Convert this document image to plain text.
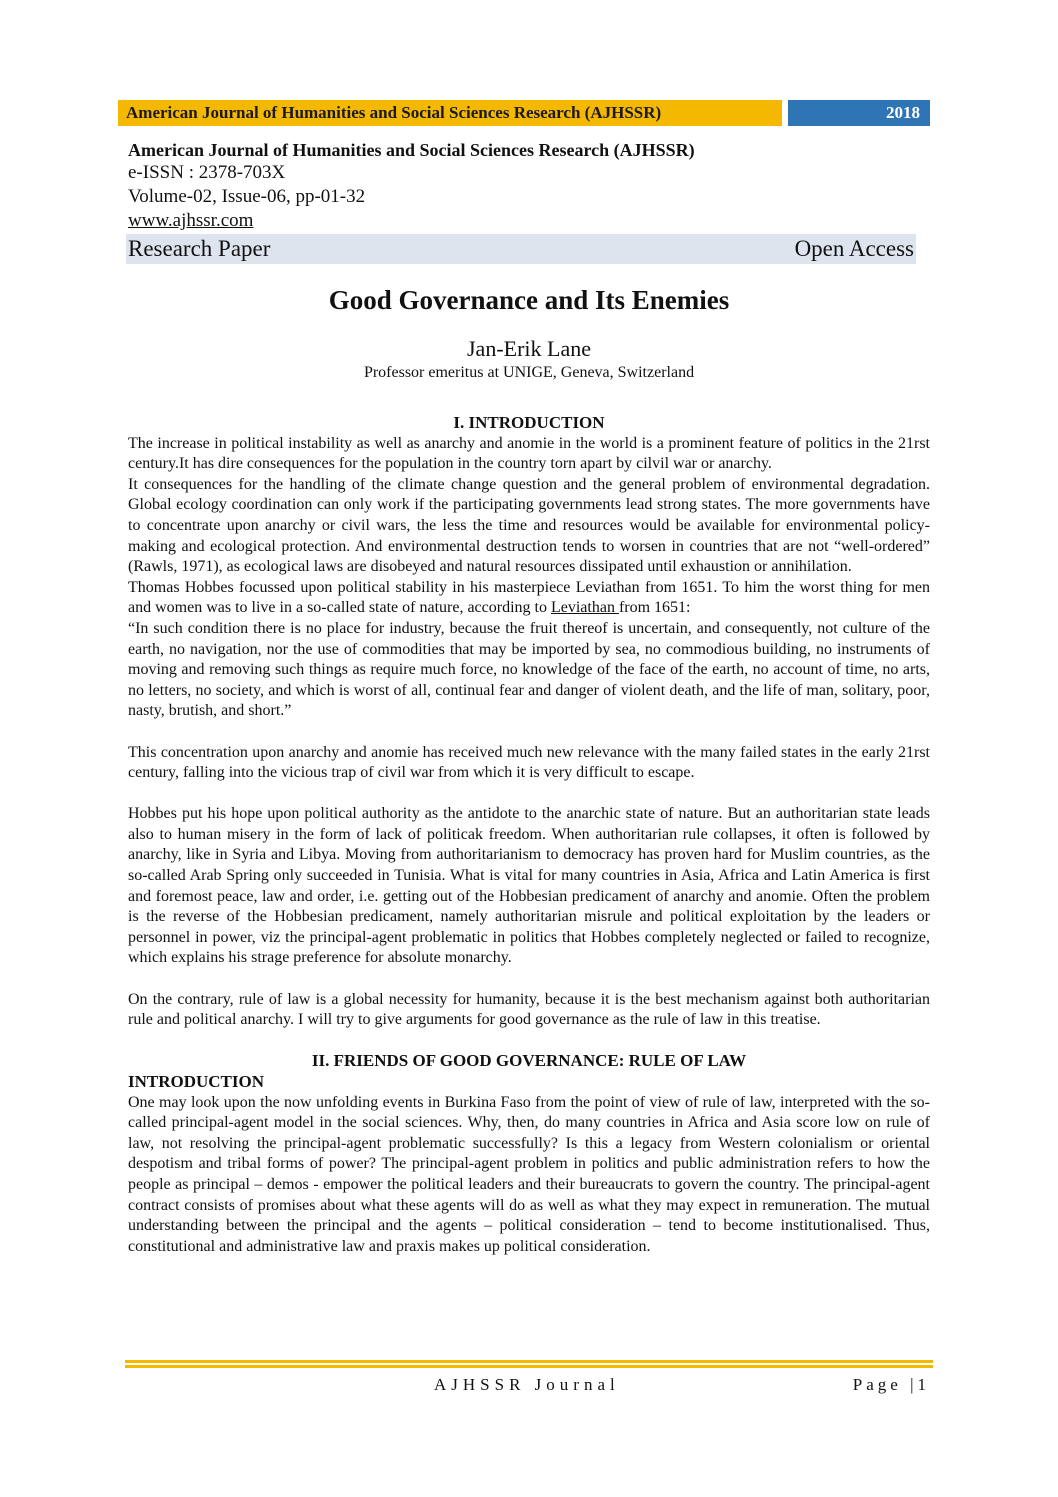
American Journal of Humanities and Social Sciences Research (AJHSSR)	2018

American Journal of Humanities and Social Sciences Research (AJHSSR)

e-ISSN : 2378-703X

Volume-02, Issue-06, pp-01-32

www.ajhssr.com

Research Paper	Open Access
Good Governance and Its Enemies
Jan-Erik Lane
Professor emeritus at UNIGE, Geneva, Switzerland

I. INTRODUCTION

The increase in political instability as well as anarchy and anomie in the world is a prominent feature of politics in the 21rst century.It has dire consequences for the population in the country torn apart by cilvil war or anarchy.

It consequences for the handling of the climate change question and the general problem of environmental degradation. Global ecology coordination can only work if the participating governments lead strong states. The more governments have to concentrate upon anarchy or civil wars, the less the time and resources would be available for environmental policy-making and ecological protection. And environmental destruction tends to worsen in countries that are not “well-ordered” (Rawls, 1971), as ecological laws are disobeyed and natural resources dissipated until exhaustion or annihilation.

Thomas Hobbes focussed upon political stability in his masterpiece Leviathan from 1651. To him the worst thing for men and women was to live in a so-called state of nature, according to Leviathan from 1651:

“In such condition there is no place for industry, because the fruit thereof is uncertain, and consequently, not culture of the earth, no navigation, nor the use of commodities that may be imported by sea, no commodious building, no instruments of moving and removing such things as require much force, no knowledge of the face of the earth, no account of time, no arts, no letters, no society, and which is worst of all, continual fear and danger of violent death, and the life of man, solitary, poor, nasty, brutish, and short.”

This concentration upon anarchy and anomie has received much new relevance with the many failed states in the early 21rst century, falling into the vicious trap of civil war from which it is very difficult to escape.

Hobbes put his hope upon political authority as the antidote to the anarchic state of nature. But an authoritarian state leads also to human misery in the form of lack of politicak freedom. When authoritarian rule collapses, it often is followed by anarchy, like in Syria and Libya. Moving from authoritarianism to democracy has proven hard for Muslim countries, as the so-called Arab Spring only succeeded in Tunisia. What is vital for many countries in Asia, Africa and Latin America is first and foremost peace, law and order, i.e. getting out of the Hobbesian predicament of anarchy and anomie. Often the problem is the reverse of the Hobbesian predicament, namely authoritarian misrule and political exploitation by the leaders or personnel in power, viz the principal-agent problematic in politics that Hobbes completely neglected or failed to recognize, which explains his strage preference for absolute monarchy.

On the contrary, rule of law is a global necessity for humanity, because it is the best mechanism against both authoritarian rule and political anarchy. I will try to give arguments for good governance as the rule of law in this treatise.

II. FRIENDS OF GOOD GOVERNANCE: RULE OF LAW

INTRODUCTION

One may look upon the now unfolding events in Burkina Faso from the point of view of rule of law, interpreted with the so-called principal-agent model in the social sciences. Why, then, do many countries in Africa and Asia score low on rule of law, not resolving the principal-agent problematic successfully? Is this a legacy from Western colonialism or oriental despotism and tribal forms of power? The principal-agent problem in politics and public administration refers to how the people as principal – demos - empower the political leaders and their bureaucrats to govern the country. The principal-agent contract consists of promises about what these agents will do as well as what they may expect in remuneration. The mutual understanding between the principal and the agents – political consideration – tend to become institutionalised. Thus, constitutional and administrative law and praxis makes up political consideration.

AJHSSR Journal	Page |1
